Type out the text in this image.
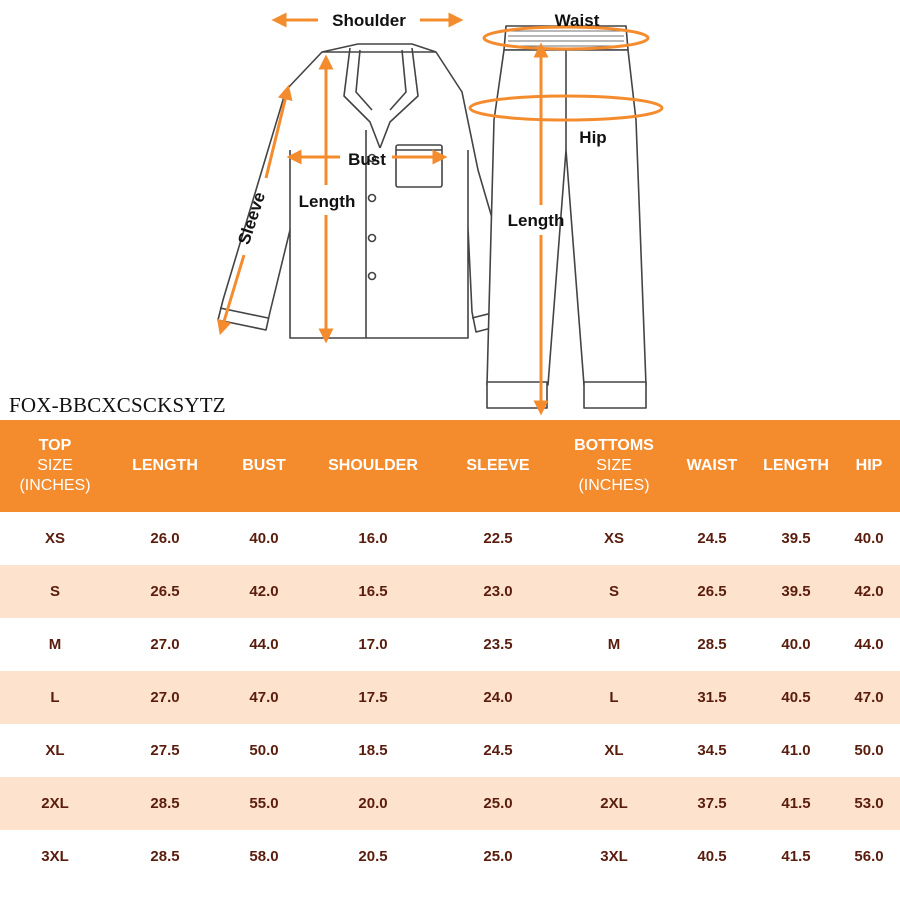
Shoulder
Bust
Length
Sleeve
Waist
Hip
Length

FOX-BBCXCSCKSYTZ

TOP
SIZE
(INCHES)	LENGTH	BUST	SHOULDER	SLEEVE	BOTTOMS
SIZE
(INCHES)	WAIST	LENGTH	HIP
XS	26.0	40.0	16.0	22.5	XS	24.5	39.5	40.0
S	26.5	42.0	16.5	23.0	S	26.5	39.5	42.0
M	27.0	44.0	17.0	23.5	M	28.5	40.0	44.0
L	27.0	47.0	17.5	24.0	L	31.5	40.5	47.0
XL	27.5	50.0	18.5	24.5	XL	34.5	41.0	50.0
2XL	28.5	55.0	20.0	25.0	2XL	37.5	41.5	53.0
3XL	28.5	58.0	20.5	25.0	3XL	40.5	41.5	56.0
